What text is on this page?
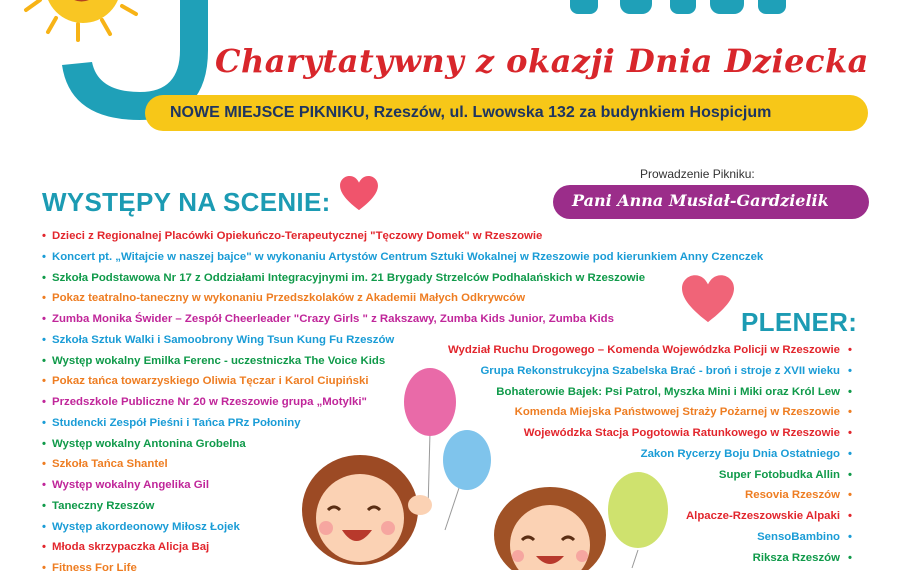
Charytatywny z okazji Dnia Dziecka
NOWE MIEJSCE PIKNIKU, Rzeszów, ul. Lwowska 132 za budynkiem Hospicjum
Prowadzenie Pikniku:
Pani Anna Musiał-Gardzielik
WYSTĘPY NA SCENIE:
• Dzieci z Regionalnej Placówki Opiekuńczo-Terapeutycznej "Tęczowy Domek" w Rzeszowie
• Koncert pt. „Witajcie w naszej bajce" w wykonaniu Artystów Centrum Sztuki Wokalnej w Rzeszowie pod kierunkiem Anny Czenczek
• Szkoła Podstawowa Nr 17 z Oddziałami Integracyjnymi im. 21 Brygady Strzelców Podhalańskich w Rzeszowie
• Pokaz teatralno-taneczny w wykonaniu Przedszkolaków z Akademii Małych Odkrywców
• Zumba Monika Świder – Zespół Cheerleader "Crazy Girls " z Rakszawy, Zumba Kids Junior, Zumba Kids
• Szkoła Sztuk Walki i Samoobrony Wing Tsun Kung Fu Rzeszów
• Występ wokalny Emilka Ferenc - uczestniczka The Voice Kids
• Pokaz tańca towarzyskiego Oliwia Tęczar i Karol Ciupiński
• Przedszkole Publiczne Nr 20 w Rzeszowie grupa „Motylki"
• Studencki Zespół Pieśni i Tańca PRz Połoniny
• Występ wokalny Antonina Grobelna
• Szkoła Tańca Shantel
• Występ wokalny Angelika Gil
• Taneczny Rzeszów
• Występ akordeonowy Miłosz Łojek
• Młoda skrzypaczka Alicja Baj
• Fitness For Life
PLENER:
Wydział Ruchu Drogowego – Komenda Wojewódzka Policji w Rzeszowie •
Grupa Rekonstrukcyjna Szabelska Brać - broń i stroje z XVII wieku •
Bohaterowie Bajek: Psi Patrol, Myszka Mini i Miki oraz Król Lew •
Komenda Miejska Państwowej Straży Pożarnej w Rzeszowie •
Wojewódzka Stacja Pogotowia Ratunkowego w Rzeszowie •
Zakon Rycerzy Boju Dnia Ostatniego •
Super Fotobudka Allin •
Resovia Rzeszów •
Alpacze-Rzeszowskie Alpaki •
SensoBambino •
Riksza Rzeszów •
